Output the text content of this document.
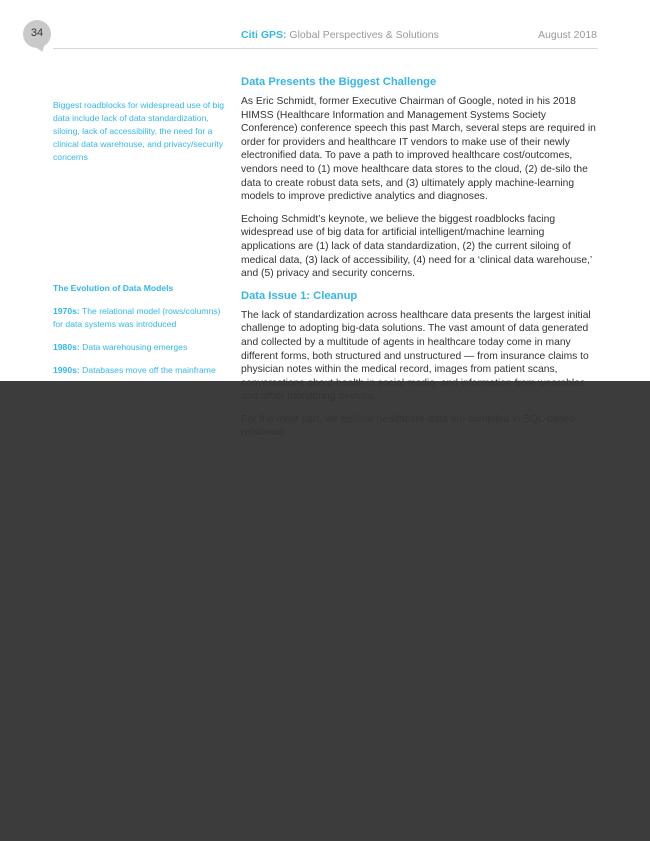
34	Citi GPS: Global Perspectives & Solutions	August 2018
Biggest roadblocks for widespread use of big data include lack of data standardization, siloing, lack of accessibility, the need for a clinical data warehouse, and privacy/security concerns
The Evolution of Data Models
1970s: The relational model (rows/columns) for data systems was introduced
1980s: Data warehousing emerges
1990s: Databases move off the mainframe
Data Presents the Biggest Challenge
As Eric Schmidt, former Executive Chairman of Google, noted in his 2018 HIMSS (Healthcare Information and Management Systems Society Conference) conference speech this past March, several steps are required in order for providers and healthcare IT vendors to make use of their newly electronified data. To pave a path to improved healthcare cost/outcomes, vendors need to (1) move healthcare data stores to the cloud, (2) de-silo the data to create robust data sets, and (3) ultimately apply machine-learning models to improve predictive analytics and diagnoses.
Echoing Schmidt’s keynote, we believe the biggest roadblocks facing widespread use of big data for artificial intelligent/machine learning applications are (1) lack of data standardization, (2) the current siloing of medical data, (3) lack of accessibility, (4) need for a ‘clinical data warehouse,’ and (5) privacy and security concerns.
Data Issue 1: Cleanup
The lack of standardization across healthcare data presents the largest initial challenge to adopting big-data solutions. The vast amount of data generated and collected by a multitude of agents in healthcare today come in many different forms, both structured and unstructured — from insurance claims to physician notes within the medical record, images from patient scans, conversations about health in social media, and information from wearables and other monitoring devices.
For the most part, we believe healthcare data are compiled in SQL-based relational
